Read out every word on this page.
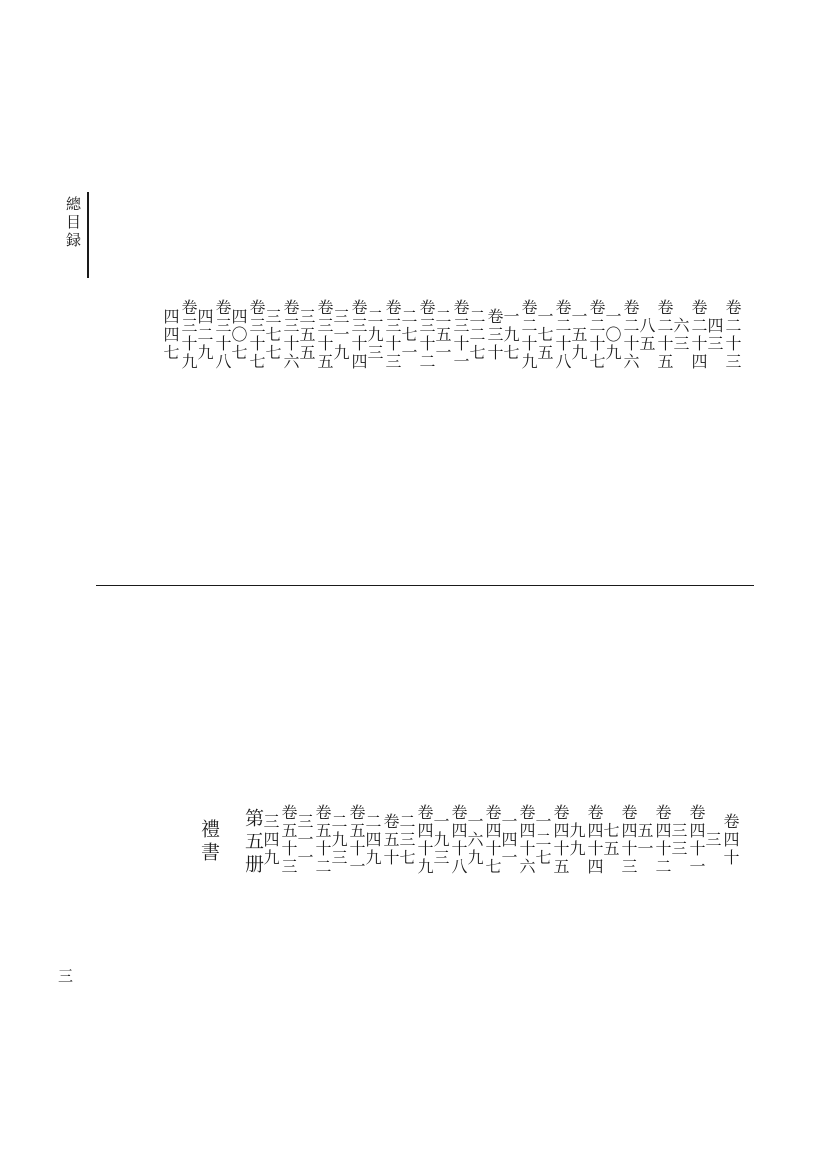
總目録
三
卷二十三
四三
卷二十四
六三
卷二十五
八五
卷二十六
一〇九
卷二十七
一五九
卷二十八
一七五
卷二十九
一九七
卷三十
二二七
卷三十一
二五一
卷三十二
二七一
卷三十三
二九三
卷三十四
三一九
卷三十五
三五五
卷三十六
三七七
卷三十七
四〇七
卷三十八
四二九
卷三十九
四四七
卷四十
三
卷四十一
三三
卷四十二
五一
卷四十三
七五
卷四十四
九九
卷四十五
一二七
卷四十六
一四一
卷四十七
一六九
卷四十八
一九三
卷四十九
二三七
卷五十
二四九
卷五十一
二九三
卷五十二
三一一
卷五十三
三四九
第五册
禮書
